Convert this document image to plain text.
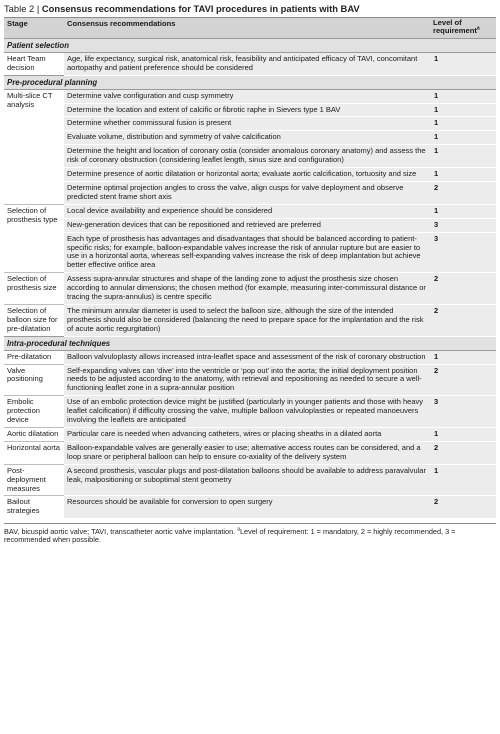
Table 2 | Consensus recommendations for TAVI procedures in patients with BAV
Stage	Consensus recommendations	Level of
requirement$^a$
Patient selection		
Heart Team decision	Age, life expectancy, surgical risk, anatomical risk, feasibility and anticipated efficacy of TAVI, concomitant aortopathy and patient preference should be considered	1
Pre-procedural planning		
Multi-slice CT analysis	Determine valve configuration and cusp symmetry	1
	Determine the location and extent of calcific or fibrotic raphe in Sievers type 1 BAV	1
	Determine whether commissural fusion is present	1
	Evaluate volume, distribution and symmetry of valve calcification	1
	Determine the height and location of coronary ostia (consider anomalous coronary anatomy) and assess the risk of coronary obstruction (considering leaflet length, sinus size and configuration)	1
	Determine presence of aortic dilatation or horizontal aorta; evaluate aortic calcification, tortuosity and size	1
	Determine optimal projection angles to cross the valve, align cusps for valve deployment and observe predicted stent frame short axis	2
Selection of prosthesis type	Local device availability and experience should be considered	1
	New-generation devices that can be repositioned and retrieved are preferred	3
	Each type of prosthesis has advantages and disadvantages that should be balanced according to patient-specific risks; for example, balloon-expandable valves increase the risk of annular rupture but are easier to use in a horizontal aorta, whereas self-expanding valves increase the risk of deep implantation but achieve better effective orifice area	3
Selection of prosthesis size	Assess supra-annular structures and shape of the landing zone to adjust the prosthesis size chosen according to annular dimensions; the chosen method (for example, measuring inter-commissural distance or tracing the supra-annulus) is centre specific	2
Selection of balloon size for pre-dilatation	The minimum annular diameter is used to select the balloon size, although the size of the intended prosthesis should also be considered (balancing the need to prepare space for the implantation and the risk of acute aortic regurgitation)	2
Intra-procedural techniques		
Pre-dilatation	Balloon valvuloplasty allows increased intra-leaflet space and assessment of the risk of coronary obstruction	1
Valve positioning	Self-expanding valves can ‘dive’ into the ventricle or ‘pop out’ into the aorta; the initial deployment position needs to be adjusted according to the anatomy, with retrieval and repositioning as needed to secure a well-functioning leaflet zone in a supra-annular position	2
Embolic protection device	Use of an embolic protection device might be justified (particularly in younger patients and those with heavy leaflet calcification) if difficulty crossing the valve, multiple balloon valvuloplasties or repeated manoeuvers involving the leaflets are anticipated	3
Aortic dilatation	Particular care is needed when advancing catheters, wires or placing sheaths in a dilated aorta	1
Horizontal aorta	Balloon-expandable valves are generally easier to use; alternative access routes can be considered, and a loop snare or peripheral balloon can help to ensure co-axiality of the delivery system	2
Post-deployment measures	A second prosthesis, vascular plugs and post-dilatation balloons should be available to address paravalvular leak, malpositioning or suboptimal stent geometry	1
Bailout strategies	Resources should be available for conversion to open surgery	2
BAV, bicuspid aortic valve; TAVI, transcatheter aortic valve implantation. $^a$Level of requirement: 1 = mandatory, 2 = highly recommended, 3 = recommended when possible.
